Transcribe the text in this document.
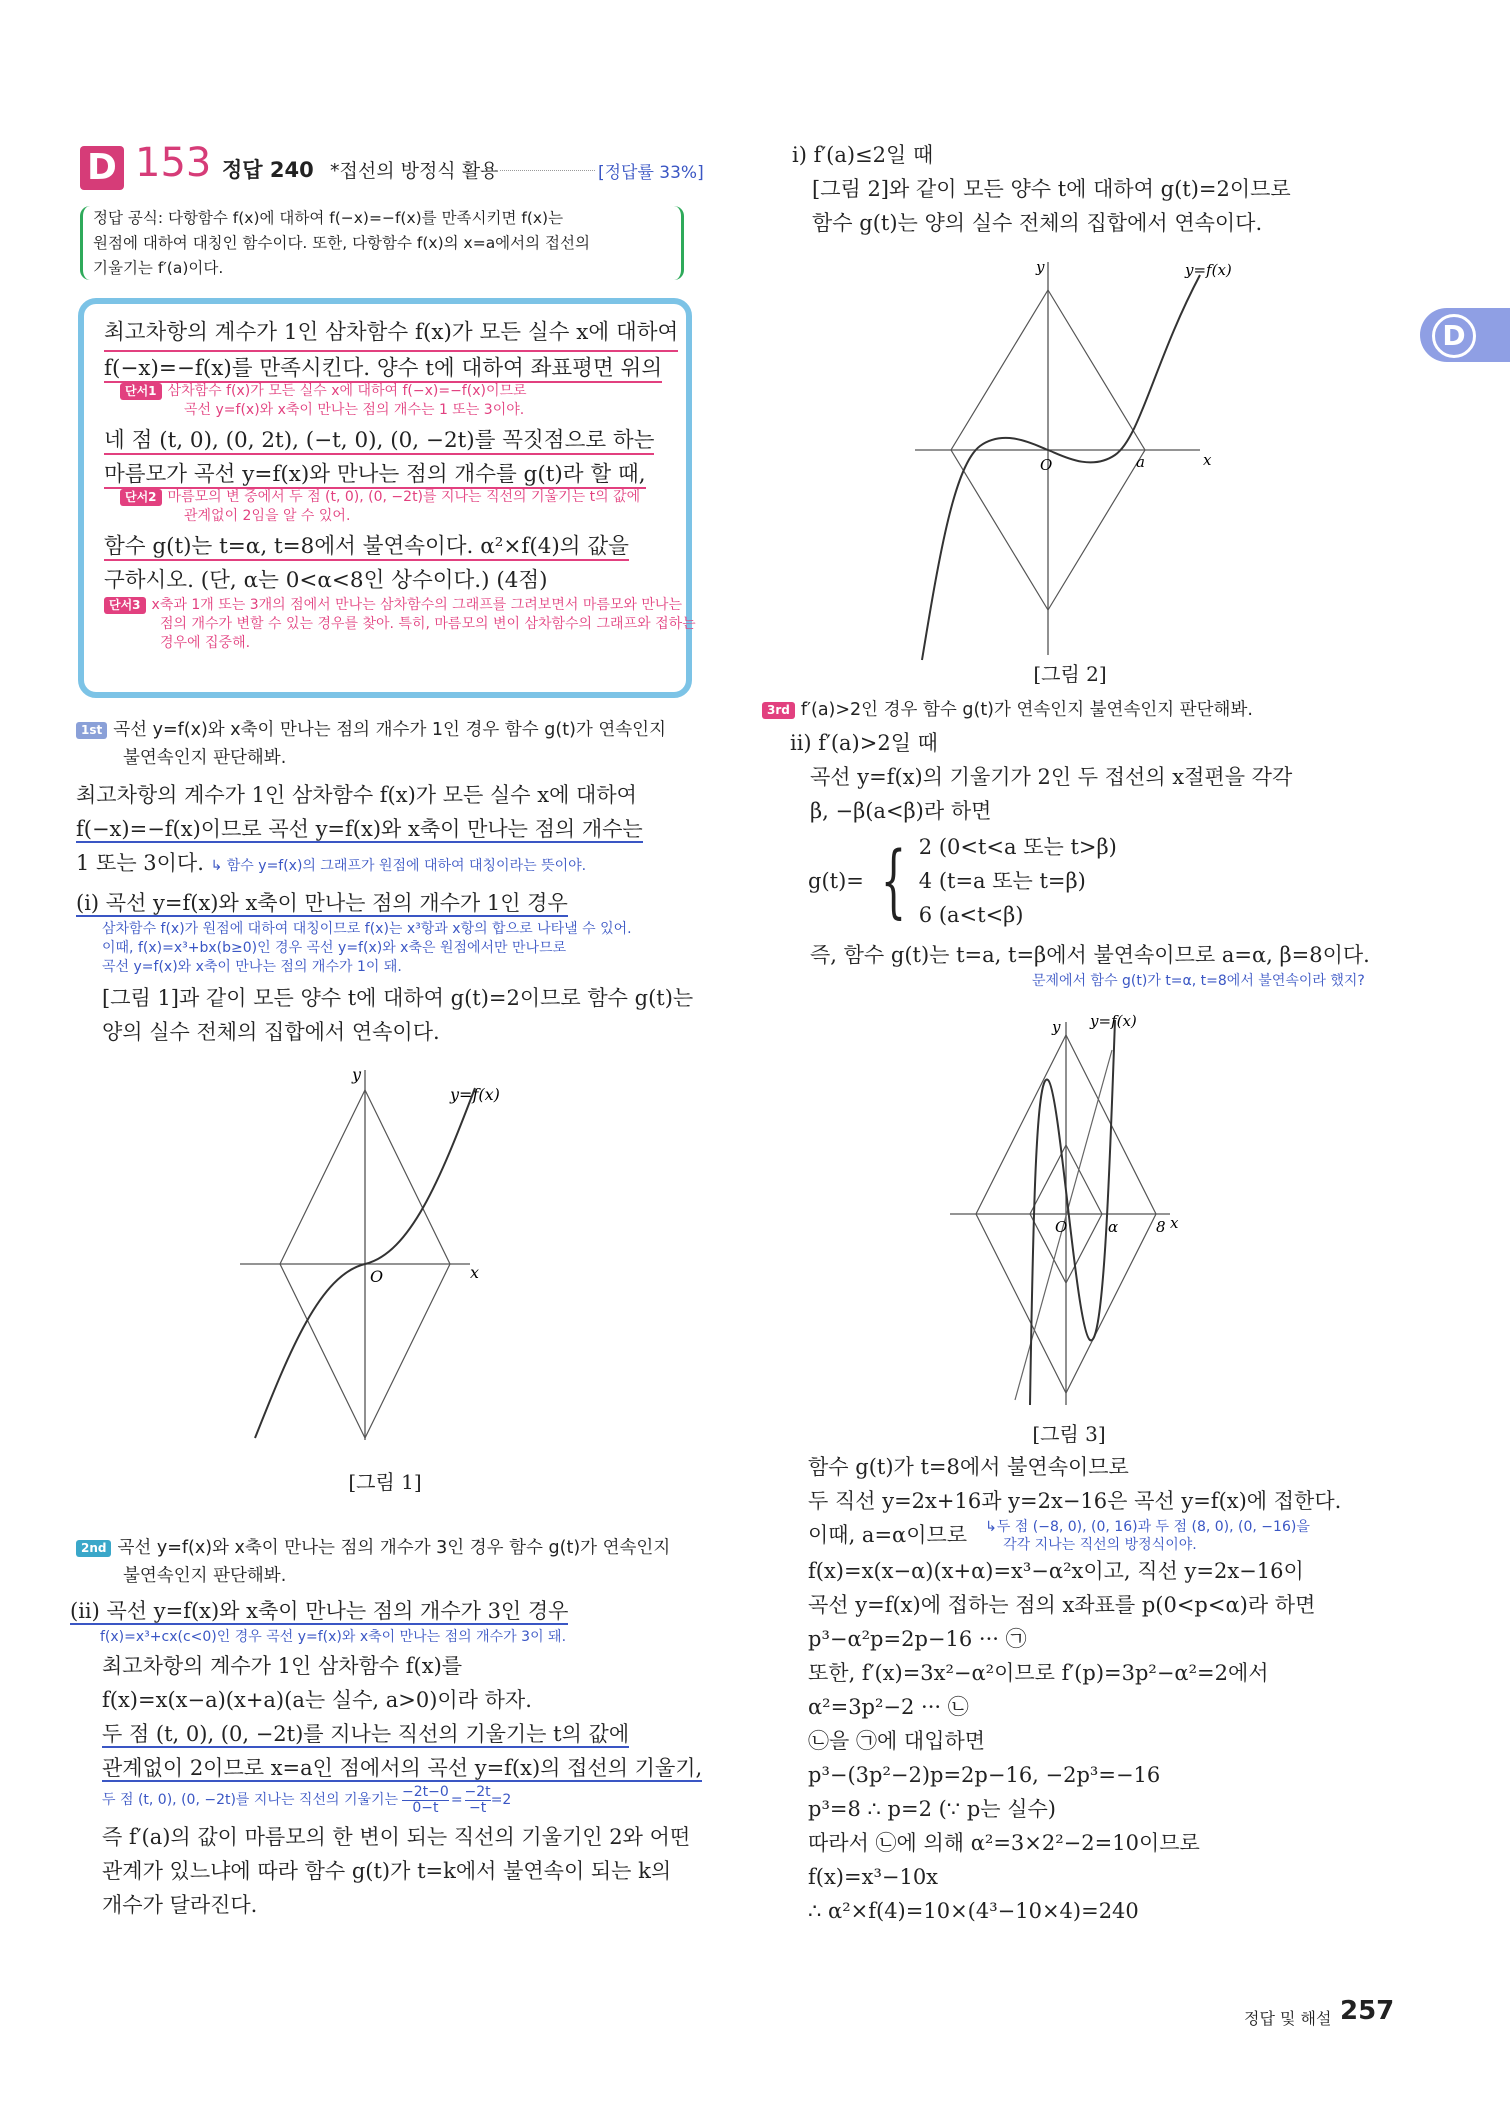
D 153 정답 240 *접선의 방정식 활용	[정답률 33%]
D
정답 공식: 다항함수 f(x)에 대하여 f(−x)=−f(x)를 만족시키면 f(x)는
원점에 대하여 대칭인 함수이다. 또한, 다항함수 f(x)의 x=a에서의 접선의
기울기는 f′(a)이다.
최고차항의 계수가 1인 삼차함수 f(x)가 모든 실수 x에 대하여
f(−x)=−f(x)를 만족시킨다. 양수 t에 대하여 좌표평면 위의
단서1 삼차함수 f(x)가 모든 실수 x에 대하여 f(−x)=−f(x)이므로
곡선 y=f(x)와 x축이 만나는 점의 개수는 1 또는 3이야.
네 점 (t, 0), (0, 2t), (−t, 0), (0, −2t)를 꼭짓점으로 하는
마름모가 곡선 y=f(x)와 만나는 점의 개수를 g(t)라 할 때,
단서2 마름모의 변 중에서 두 점 (t, 0), (0, −2t)를 지나는 직선의 기울기는 t의 값에
관계없이 2임을 알 수 있어.
함수 g(t)는 t=α, t=8에서 불연속이다. α²×f(4)의 값을
구하시오. (단, α는 0<α<8인 상수이다.) (4점)
단서3 x축과 1개 또는 3개의 점에서 만나는 삼차함수의 그래프를 그려보면서 마름모와 만나는
점의 개수가 변할 수 있는 경우를 찾아. 특히, 마름모의 변이 삼차함수의 그래프와 접하는
경우에 집중해.
1st 곡선 y=f(x)와 x축이 만나는 점의 개수가 1인 경우 함수 g(t)가 연속인지
불연속인지 판단해봐.
최고차항의 계수가 1인 삼차함수 f(x)가 모든 실수 x에 대하여
f(−x)=−f(x)이므로 곡선 y=f(x)와 x축이 만나는 점의 개수는
1 또는 3이다. ↳ 함수 y=f(x)의 그래프가 원점에 대하여 대칭이라는 뜻이야.
(i) 곡선 y=f(x)와 x축이 만나는 점의 개수가 1인 경우
삼차함수 f(x)가 원점에 대하여 대칭이므로 f(x)는 x³항과 x항의 합으로 나타낼 수 있어.
이때, f(x)=x³+bx(b≥0)인 경우 곡선 y=f(x)와 x축은 원점에서만 만나므로
곡선 y=f(x)와 x축이 만나는 점의 개수가 1이 돼.
[그림 1]과 같이 모든 양수 t에 대하여 g(t)=2이므로 함수 g(t)는
양의 실수 전체의 집합에서 연속이다.
y
x
O
y=f(x)
[그림 1]
2nd 곡선 y=f(x)와 x축이 만나는 점의 개수가 3인 경우 함수 g(t)가 연속인지
불연속인지 판단해봐.
(ii) 곡선 y=f(x)와 x축이 만나는 점의 개수가 3인 경우
f(x)=x³+cx(c<0)인 경우 곡선 y=f(x)와 x축이 만나는 점의 개수가 3이 돼.
최고차항의 계수가 1인 삼차함수 f(x)를
f(x)=x(x−a)(x+a)(a는 실수, a>0)이라 하자.
두 점 (t, 0), (0, −2t)를 지나는 직선의 기울기는 t의 값에
관계없이 2이므로 x=a인 점에서의 곡선 y=f(x)의 접선의 기울기,
두 점 (t, 0), (0, −2t)를 지나는 직선의 기울기는 $\frac{-2t-0}{0-t} = \frac{-2t}{-t} =2$
즉 f′(a)의 값이 마름모의 한 변이 되는 직선의 기울기인 2와 어떤
관계가 있느냐에 따라 함수 g(t)가 t=k에서 불연속이 되는 k의
개수가 달라진다.
i) f′(a)≤2일 때
[그림 2]와 같이 모든 양수 t에 대하여 g(t)=2이므로
함수 g(t)는 양의 실수 전체의 집합에서 연속이다.
y
x
O	a
y=f(x)
[그림 2]
3rd f′(a)>2인 경우 함수 g(t)가 연속인지 불연속인지 판단해봐.
ii) f′(a)>2일 때
곡선 y=f(x)의 기울기가 2인 두 접선의 x절편을 각각
β, −β(a<β)라 하면
g(t)= { 2 (0<t<a 또는 t>β)
4 (t=a 또는 t=β)
6 (a<t<β)
즉, 함수 g(t)는 t=a, t=β에서 불연속이므로 a=α, β=8이다.
문제에서 함수 g(t)가 t=α, t=8에서 불연속이라 했지?
y
x
O	α	8
y=f(x)
[그림 3]
함수 g(t)가 t=8에서 불연속이므로
두 직선 y=2x+16과 y=2x−16은 곡선 y=f(x)에 접한다.
이때, a=α이므로 ↳두 점 (−8, 0), (0, 16)과 두 점 (8, 0), (0, −16)을
각각 지나는 직선의 방정식이야.
f(x)=x(x−α)(x+α)=x³−α²x이고, 직선 y=2x−16이
곡선 y=f(x)에 접하는 점의 x좌표를 p(0<p<α)라 하면
p³−α²p=2p−16 ··· ㉠
또한, f′(x)=3x²−α²이므로 f′(p)=3p²−α²=2에서
α²=3p²−2 ··· ㉡
㉡을 ㉠에 대입하면
p³−(3p²−2)p=2p−16, −2p³=−16
p³=8 ∴ p=2 (∵ p는 실수)
따라서 ㉡에 의해 α²=3×2²−2=10이므로
f(x)=x³−10x
∴ α²×f(4)=10×(4³−10×4)=240
정답 및 해설 257
